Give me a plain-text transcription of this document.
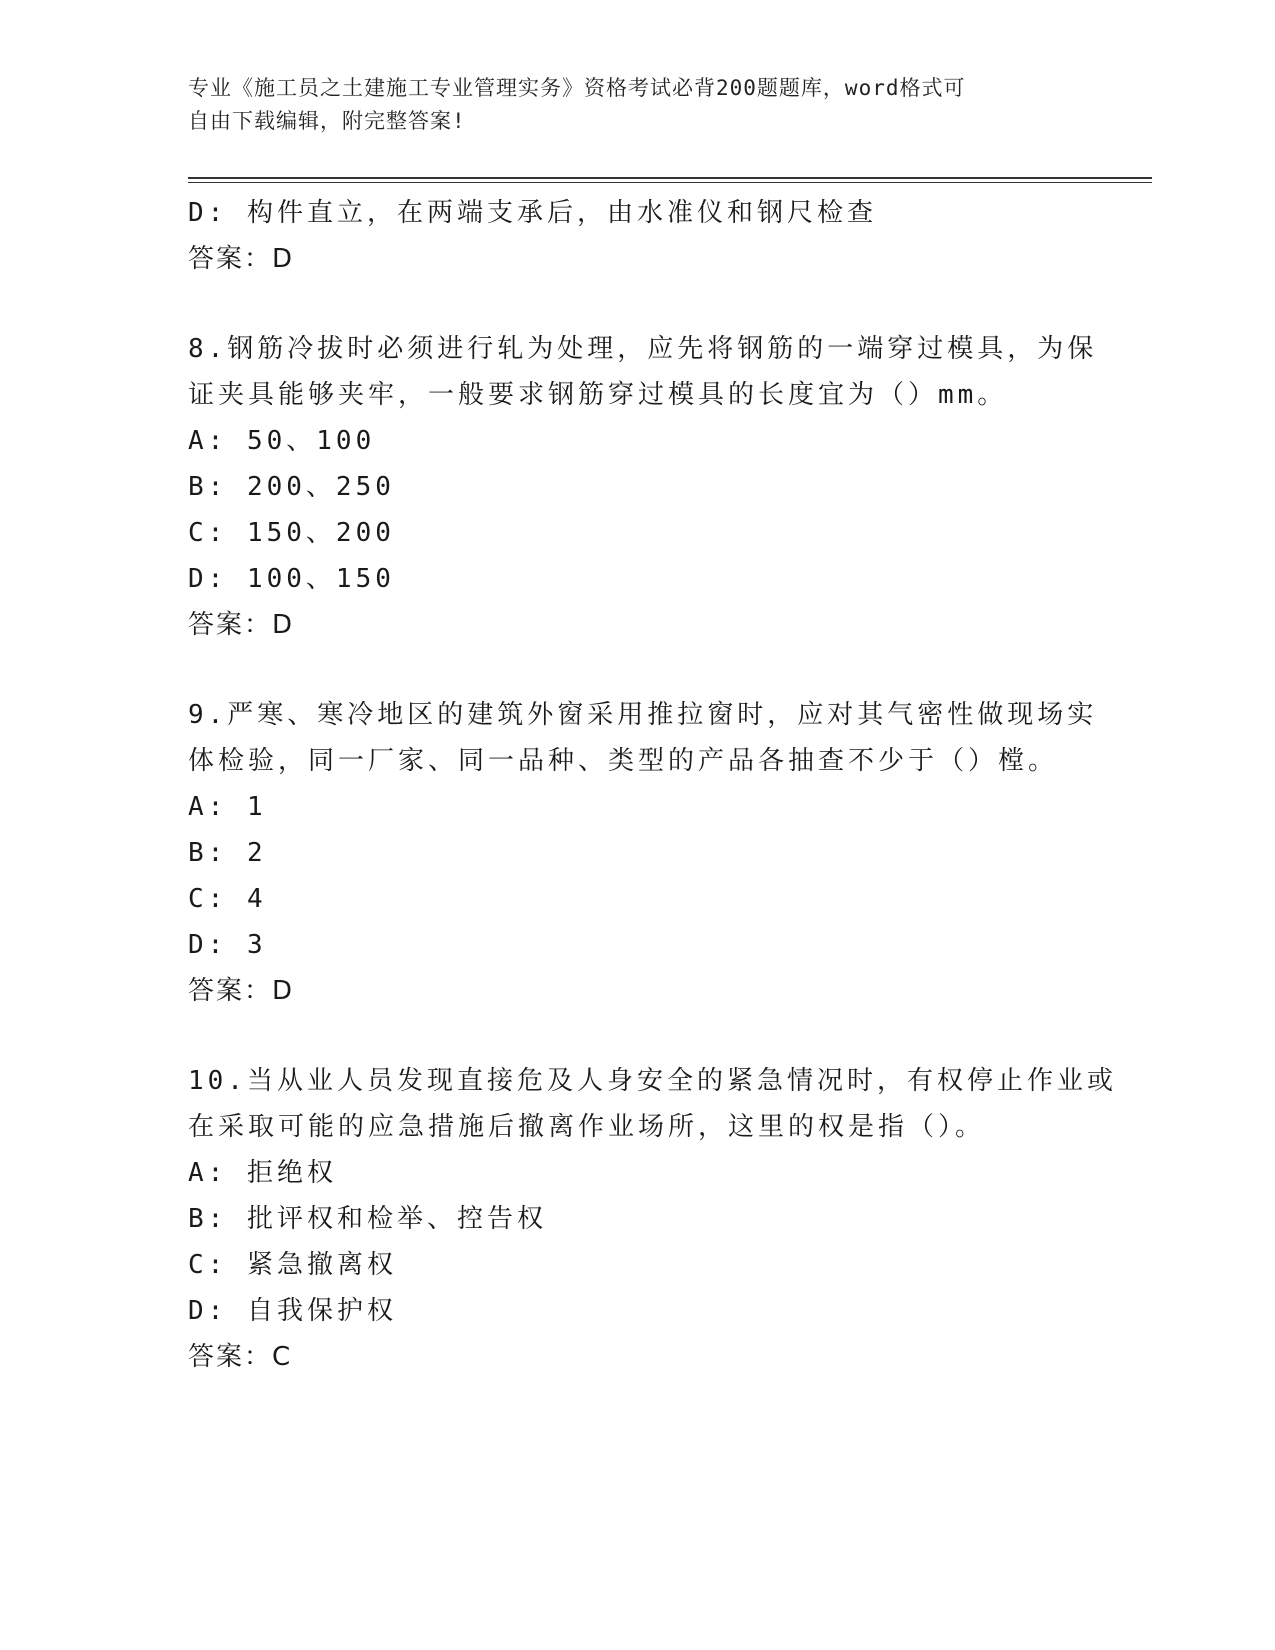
专业《施工员之土建施工专业管理实务》资格考试必背200题题库，word格式可
自由下载编辑，附完整答案!
D: 构件直立，在两端支承后，由水准仪和钢尺检查
答案：D
8.钢筋冷拔时必须进行轧为处理，应先将钢筋的一端穿过模具，为保
证夹具能够夹牢，一般要求钢筋穿过模具的长度宜为（）mm。
A: 50、100
B: 200、250
C: 150、200
D: 100、150
答案：D
9.严寒、寒冷地区的建筑外窗采用推拉窗时，应对其气密性做现场实
体检验，同一厂家、同一品种、类型的产品各抽查不少于（）樘。
A: 1
B: 2
C: 4
D: 3
答案：D
10.当从业人员发现直接危及人身安全的紧急情况时，有权停止作业或
在采取可能的应急措施后撤离作业场所，这里的权是指（）。
A: 拒绝权
B: 批评权和检举、控告权
C: 紧急撤离权
D: 自我保护权
答案：C
